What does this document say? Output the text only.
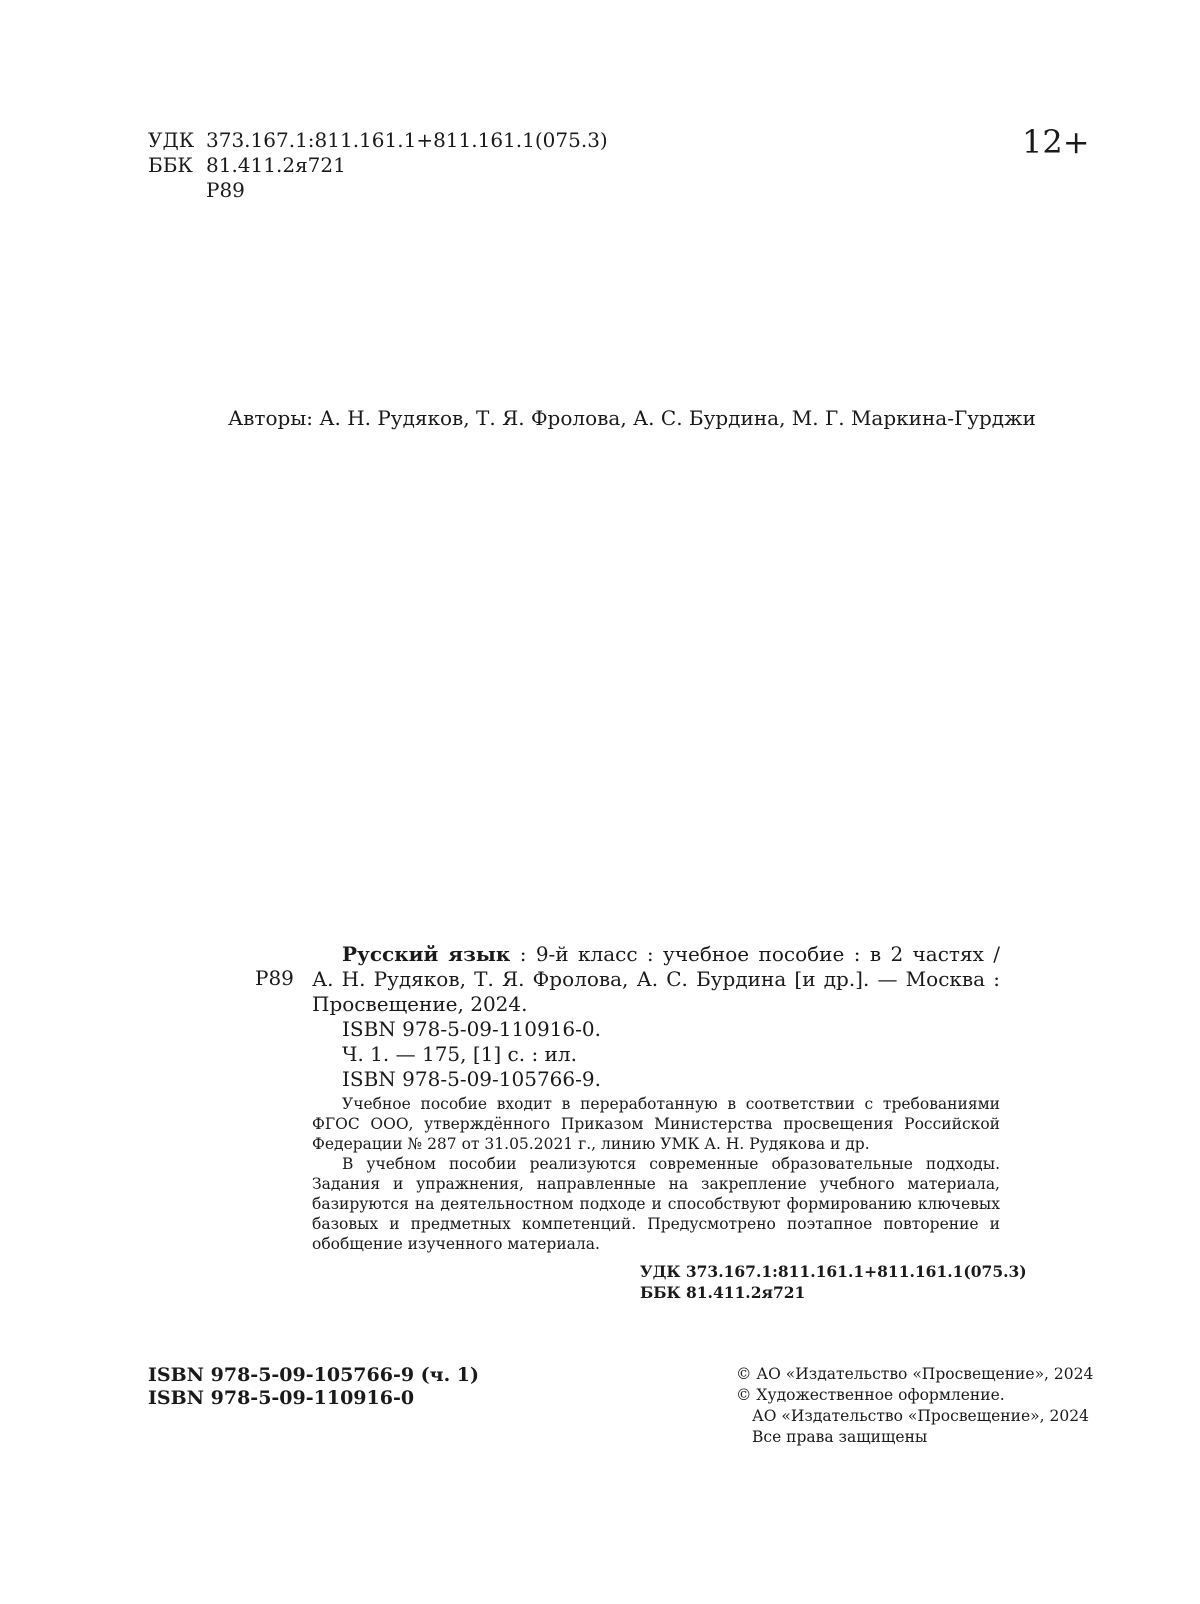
УДК 373.167.1:811.161.1+811.161.1(075.3)
ББК 81.411.2я721
Р89
12+
Авторы: А. Н. Рудяков, Т. Я. Фролова, А. С. Бурдина, М. Г. Маркина-Гурджи
Р89
Русский язык : 9-й класс : учебное пособие : в 2 частях /
А. Н. Рудяков, Т. Я. Фролова, А. С. Бурдина [и др.]. — Москва :
Просвещение, 2024.
ISBN 978-5-09-110916-0.
Ч. 1. — 175, [1] с. : ил.
ISBN 978-5-09-105766-9.
Учебное пособие входит в переработанную в соответствии с требованиями ФГОС ООО, утверждённого Приказом Министерства просвещения Российской Федерации № 287 от 31.05.2021 г., линию УМК А. Н. Рудякова и др.
В учебном пособии реализуются современные образовательные подходы. Задания и упражнения, направленные на закрепление учебного материала, базируются на деятельностном подходе и способствуют формированию ключевых базовых и предметных компетенций. Предусмотрено поэтапное повторение и обобщение изученного материала.
УДК 373.167.1:811.161.1+811.161.1(075.3)
ББК 81.411.2я721
ISBN 978-5-09-105766-9 (ч. 1)
ISBN 978-5-09-110916-0
© АО «Издательство «Просвещение», 2024
© Художественное оформление.
АО «Издательство «Просвещение», 2024
Все права защищены
